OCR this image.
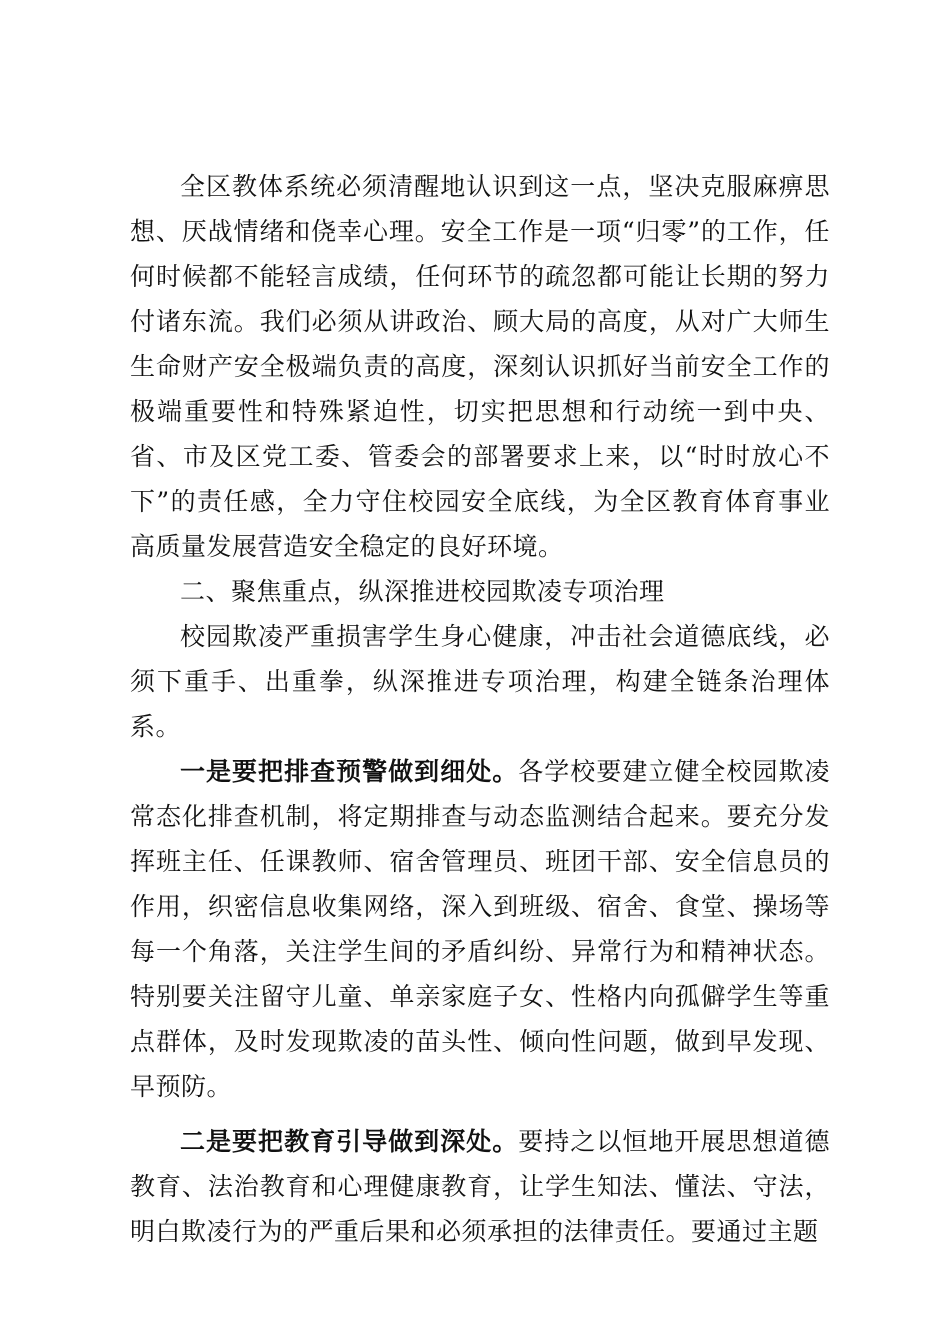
全区教体系统必须清醒地认识到这一点，坚决克服麻痹思想、厌战情绪和侥幸心理。安全工作是一项“归零”的工作，任何时候都不能轻言成绩，任何环节的疏忽都可能让长期的努力付诸东流。我们必须从讲政治、顾大局的高度，从对广大师生生命财产安全极端负责的高度，深刻认识抓好当前安全工作的极端重要性和特殊紧迫性，切实把思想和行动统一到中央、省、市及区党工委、管委会的部署要求上来，以“时时放心不下”的责任感，全力守住校园安全底线，为全区教育体育事业高质量发展营造安全稳定的良好环境。

二、聚焦重点，纵深推进校园欺凌专项治理

校园欺凌严重损害学生身心健康，冲击社会道德底线，必须下重手、出重拳，纵深推进专项治理，构建全链条治理体系。

一是要把排查预警做到细处。各学校要建立健全校园欺凌常态化排查机制，将定期排查与动态监测结合起来。要充分发挥班主任、任课教师、宿舍管理员、班团干部、安全信息员的作用，织密信息收集网络，深入到班级、宿舍、食堂、操场等每一个角落，关注学生间的矛盾纠纷、异常行为和精神状态。特别要关注留守儿童、单亲家庭子女、性格内向孤僻学生等重点群体，及时发现欺凌的苗头性、倾向性问题，做到早发现、早预防。

二是要把教育引导做到深处。要持之以恒地开展思想道德教育、法治教育和心理健康教育，让学生知法、懂法、守法，明白欺凌行为的严重后果和必须承担的法律责任。要通过主题
